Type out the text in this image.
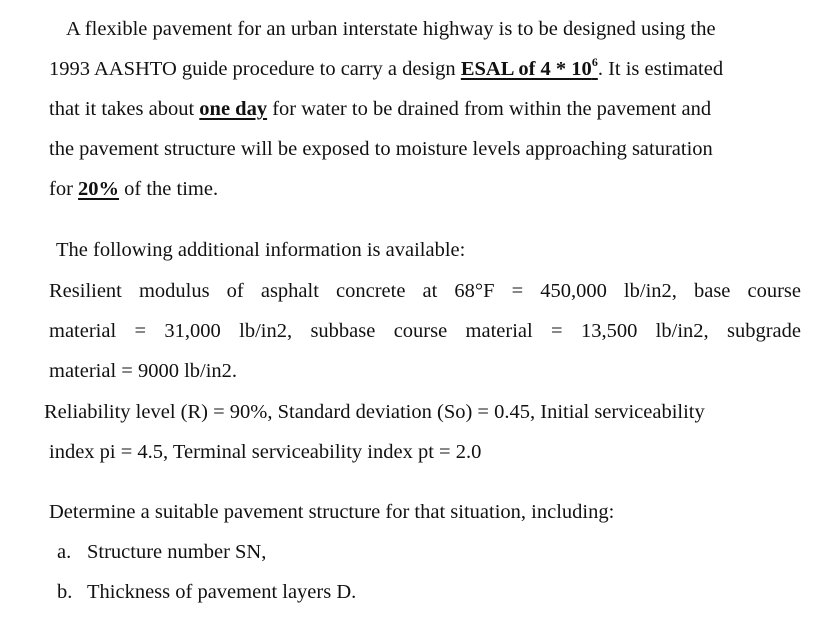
A flexible pavement for an urban interstate highway is to be designed using the
1993 AASHTO guide procedure to carry a design ESAL of $4 * 10^6$. It is estimated
that it takes about one day for water to be drained from within the pavement and
the pavement structure will be exposed to moisture levels approaching saturation
for 20% of the time.
The following additional information is available:
Resilient modulus of asphalt concrete at 68°F = 450,000 lb/in2, base course
material = 31,000 lb/in2, subbase course material = 13,500 lb/in2, subgrade
material = 9000 lb/in2.
Reliability level (R) = 90%, Standard deviation (So) = 0.45, Initial serviceability
index pi = 4.5, Terminal serviceability index pt = 2.0
Determine a suitable pavement structure for that situation, including:
a. Structure number SN,
b. Thickness of pavement layers D.
